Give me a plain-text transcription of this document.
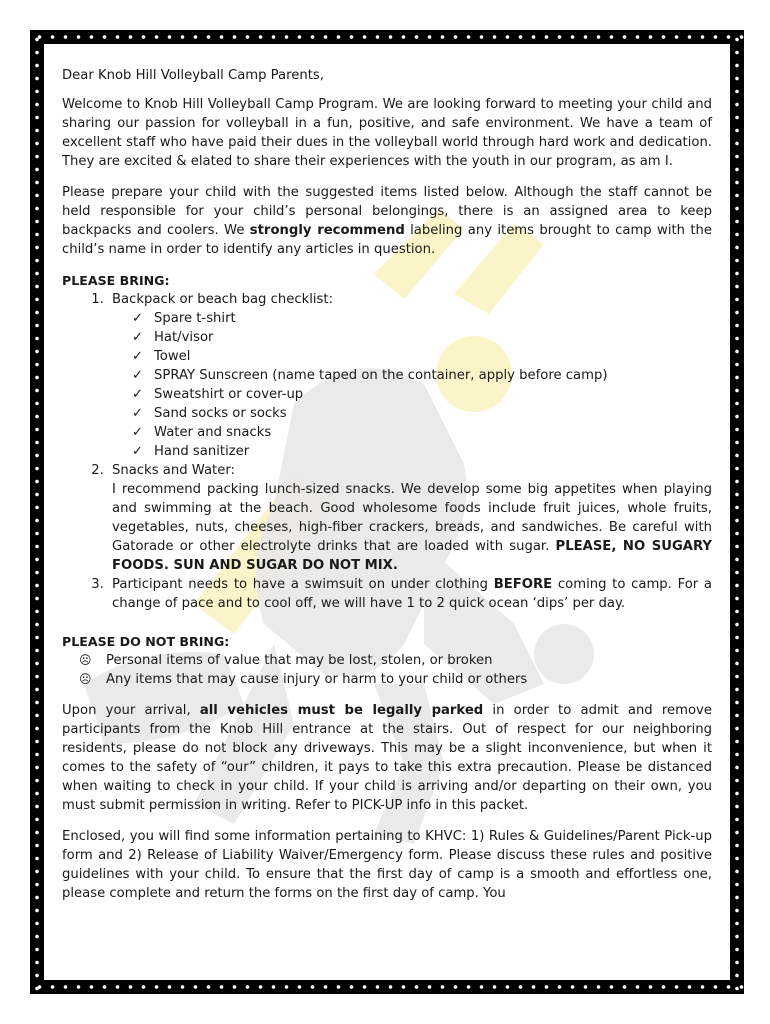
Dear Knob Hill Volleyball Camp Parents,

Welcome to Knob Hill Volleyball Camp Program. We are looking forward to meeting your child and sharing our passion for volleyball in a fun, positive, and safe environment. We have a team of excellent staff who have paid their dues in the volleyball world through hard work and dedication. They are excited & elated to share their experiences with the youth in our program, as am I.

Please prepare your child with the suggested items listed below. Although the staff cannot be held responsible for your child’s personal belongings, there is an assigned area to keep backpacks and coolers. We strongly recommend labeling any items brought to camp with the child’s name in order to identify any articles in question.

PLEASE BRING:
1. Backpack or beach bag checklist:
✓ Spare t-shirt
✓ Hat/visor
✓ Towel
✓ SPRAY Sunscreen (name taped on the container, apply before camp)
✓ Sweatshirt or cover-up
✓ Sand socks or socks
✓ Water and snacks
✓ Hand sanitizer
2. Snacks and Water:
I recommend packing lunch-sized snacks. We develop some big appetites when playing and swimming at the beach. Good wholesome foods include fruit juices, whole fruits, vegetables, nuts, cheeses, high-fiber crackers, breads, and sandwiches. Be careful with Gatorade or other electrolyte drinks that are loaded with sugar. PLEASE, NO SUGARY FOODS. SUN AND SUGAR DO NOT MIX.
3. Participant needs to have a swimsuit on under clothing BEFORE coming to camp. For a change of pace and to cool off, we will have 1 to 2 quick ocean ‘dips’ per day.
PLEASE DO NOT BRING:
☹ Personal items of value that may be lost, stolen, or broken
☹ Any items that may cause injury or harm to your child or others

Upon your arrival, all vehicles must be legally parked in order to admit and remove participants from the Knob Hill entrance at the stairs. Out of respect for our neighboring residents, please do not block any driveways. This may be a slight inconvenience, but when it comes to the safety of “our” children, it pays to take this extra precaution. Please be distanced when waiting to check in your child. If your child is arriving and/or departing on their own, you must submit permission in writing. Refer to PICK-UP info in this packet.

Enclosed, you will find some information pertaining to KHVC: 1) Rules & Guidelines/Parent Pick-up form and 2) Release of Liability Waiver/Emergency form. Please discuss these rules and positive guidelines with your child. To ensure that the first day of camp is a smooth and effortless one, please complete and return the forms on the first day of camp. You
